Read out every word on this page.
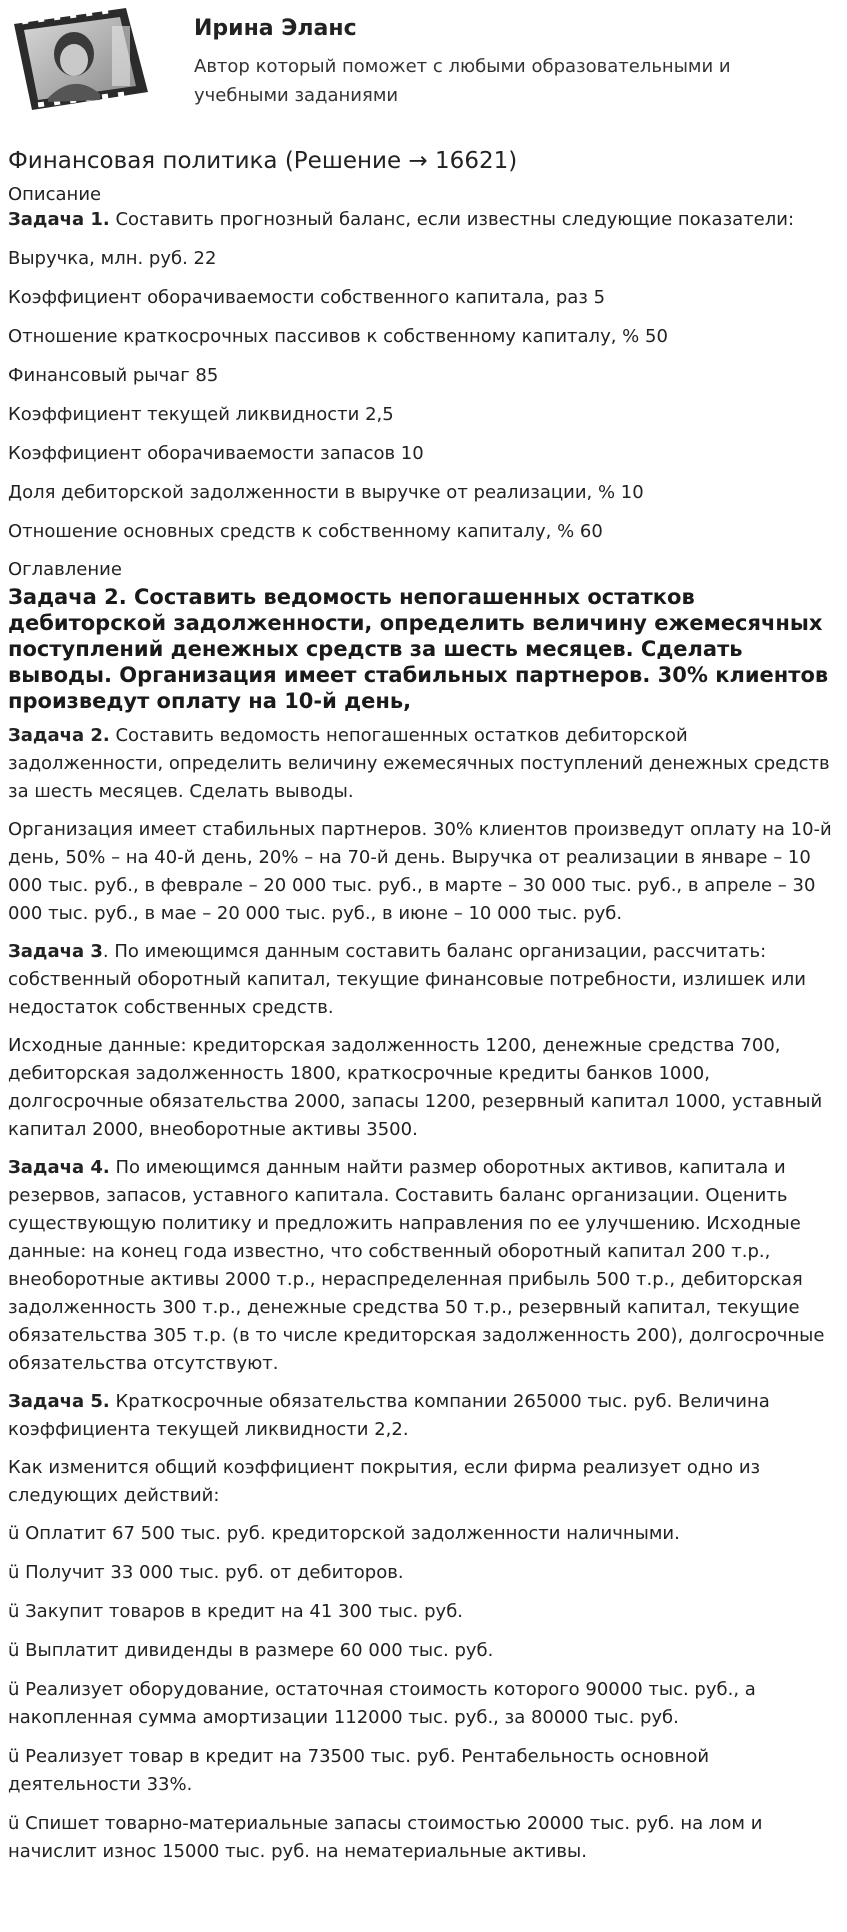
Ирина Эланс
Автор который поможет с любыми образовательными и учебными заданиями
Финансовая политика (Решение → 16621)
Описание
Задача 1. Составить прогнозный баланс, если известны следующие показатели:
Выручка, млн. руб. 22
Коэффициент оборачиваемости собственного капитала, раз 5
Отношение краткосрочных пассивов к собственному капиталу, % 50
Финансовый рычаг 85
Коэффициент текущей ликвидности 2,5
Коэффициент оборачиваемости запасов 10
Доля дебиторской задолженности в выручке от реализации, % 10
Отношение основных средств к собственному капиталу, % 60
Оглавление
Задача 2. Составить ведомость непогашенных остатков дебиторской задолженности, определить величину ежемесячных поступлений денежных средств за шесть месяцев. Сделать выводы. Организация имеет стабильных партнеров. 30% клиентов произведут оплату на 10-й день,
Задача 2. Составить ведомость непогашенных остатков дебиторской задолженности, определить величину ежемесячных поступлений денежных средств за шесть месяцев. Сделать выводы.
Организация имеет стабильных партнеров. 30% клиентов произведут оплату на 10-й день, 50% – на 40-й день, 20% – на 70-й день. Выручка от реализации в январе – 10 000 тыс. руб., в феврале – 20 000 тыс. руб., в марте – 30 000 тыс. руб., в апреле – 30 000 тыс. руб., в мае – 20 000 тыс. руб., в июне – 10 000 тыс. руб.
Задача 3. По имеющимся данным составить баланс организации, рассчитать: собственный оборотный капитал, текущие финансовые потребности, излишек или недостаток собственных средств.
Исходные данные: кредиторская задолженность 1200, денежные средства 700, дебиторская задолженность 1800, краткосрочные кредиты банков 1000, долгосрочные обязательства 2000, запасы 1200, резервный капитал 1000, уставный капитал 2000, внеоборотные активы 3500.
Задача 4. По имеющимся данным найти размер оборотных активов, капитала и резервов, запасов, уставного капитала. Составить баланс организации. Оценить существующую политику и предложить направления по ее улучшению. Исходные данные: на конец года известно, что собственный оборотный капитал 200 т.р., внеоборотные активы 2000 т.р., нераспределенная прибыль 500 т.р., дебиторская задолженность 300 т.р., денежные средства 50 т.р., резервный капитал, текущие обязательства 305 т.р. (в то числе кредиторская задолженность 200), долгосрочные обязательства отсутствуют.
Задача 5. Краткосрочные обязательства компании 265000 тыс. руб. Величина коэффициента текущей ликвидности 2,2.
Как изменится общий коэффициент покрытия, если фирма реализует одно из следующих действий:
ü Оплатит 67 500 тыс. руб. кредиторской задолженности наличными.
ü Получит 33 000 тыс. руб. от дебиторов.
ü Закупит товаров в кредит на 41 300 тыс. руб.
ü Выплатит дивиденды в размере 60 000 тыс. руб.
ü Реализует оборудование, остаточная стоимость которого 90000 тыс. руб., а накопленная сумма амортизации 112000 тыс. руб., за 80000 тыс. руб.
ü Реализует товар в кредит на 73500 тыс. руб. Рентабельность основной деятельности 33%.
ü Спишет товарно-материальные запасы стоимостью 20000 тыс. руб. на лом и начислит износ 15000 тыс. руб. на нематериальные активы.
